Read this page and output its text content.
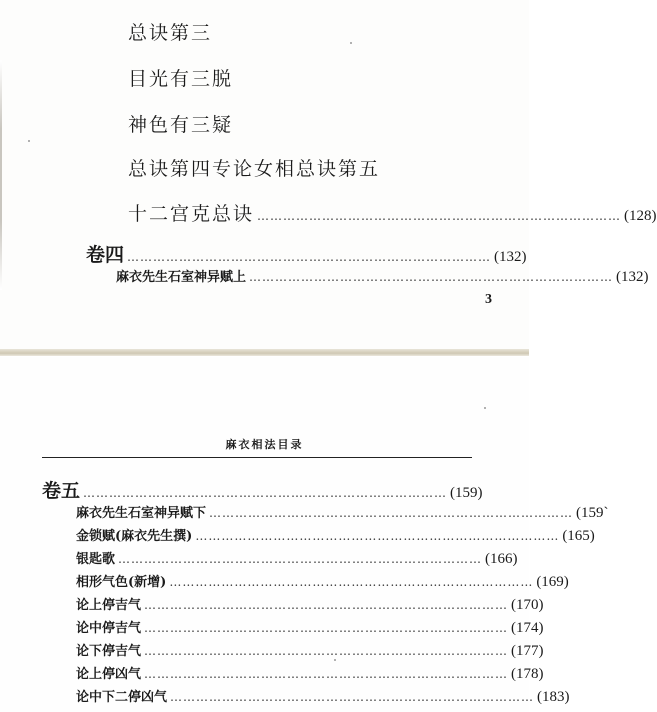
总诀第三
目光有三脱
神色有三疑
总诀第四专论女相总诀第五
十二宫克总诀 ………………………………………………………………………… (128)
卷四 ………………………………………………………………………… (132)
麻衣先生石室神异赋上 ………………………………………………………………………… (132)
3
麻衣相法目录
卷五 ………………………………………………………………………… (159)
麻衣先生石室神异赋下 ………………………………………………………………………… (159`
金锁赋(麻衣先生撰) ………………………………………………………………………… (165)
银匙歌 ………………………………………………………………………… (166)
相形气色(新增) ………………………………………………………………………… (169)
论上停吉气 ………………………………………………………………………… (170)
论中停吉气 ………………………………………………………………………… (174)
论下停吉气 ………………………………………………………………………… (177)
论上停凶气 ………………………………………………………………………… (178)
论中下二停凶气 ………………………………………………………………………… (183)
